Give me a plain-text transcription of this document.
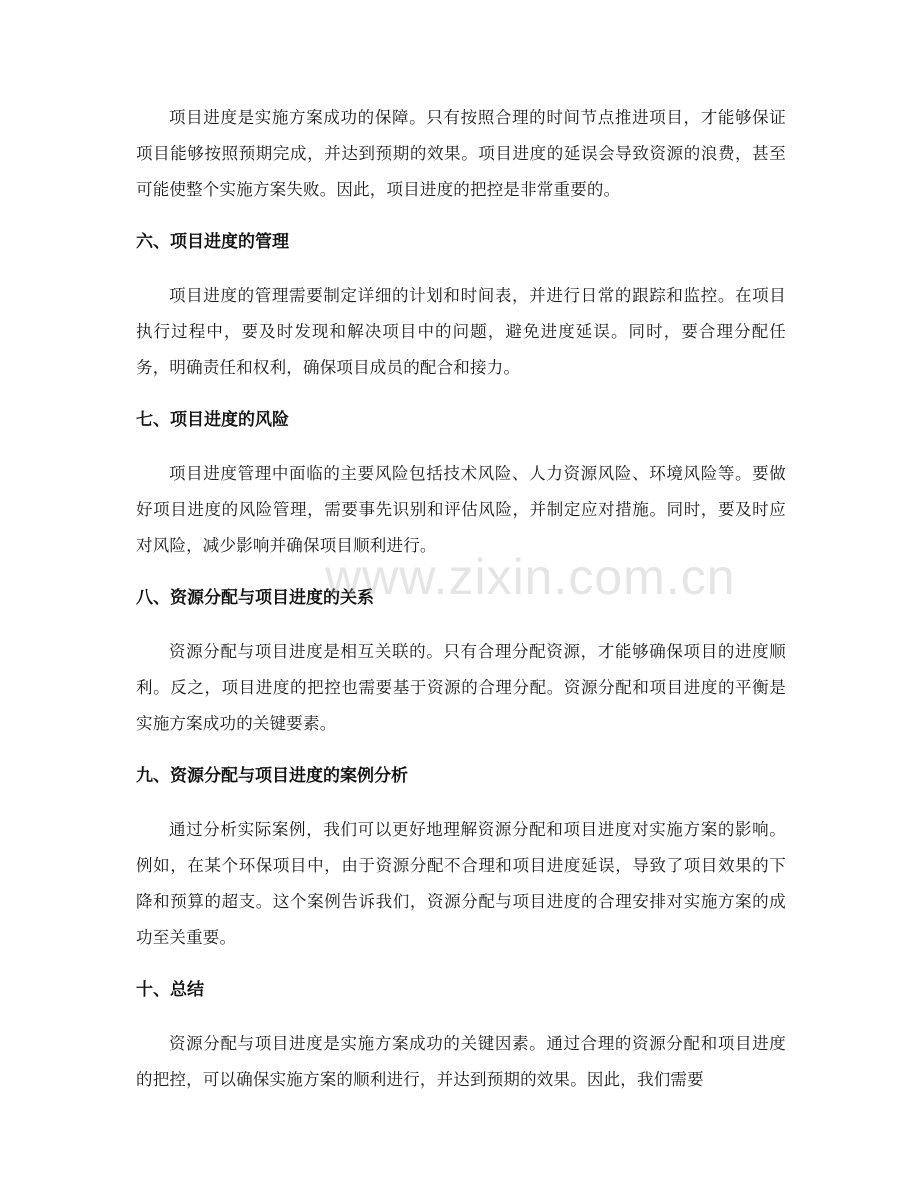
项目进度是实施方案成功的保障。只有按照合理的时间节点推进项目，才能够保证项目能够按照预期完成，并达到预期的效果。项目进度的延误会导致资源的浪费，甚至可能使整个实施方案失败。因此，项目进度的把控是非常重要的。

六、项目进度的管理

项目进度的管理需要制定详细的计划和时间表，并进行日常的跟踪和监控。在项目执行过程中，要及时发现和解决项目中的问题，避免进度延误。同时，要合理分配任务，明确责任和权利，确保项目成员的配合和接力。

七、项目进度的风险

项目进度管理中面临的主要风险包括技术风险、人力资源风险、环境风险等。要做好项目进度的风险管理，需要事先识别和评估风险，并制定应对措施。同时，要及时应对风险，减少影响并确保项目顺利进行。

八、资源分配与项目进度的关系

资源分配与项目进度是相互关联的。只有合理分配资源，才能够确保项目的进度顺利。反之，项目进度的把控也需要基于资源的合理分配。资源分配和项目进度的平衡是实施方案成功的关键要素。

九、资源分配与项目进度的案例分析

通过分析实际案例，我们可以更好地理解资源分配和项目进度对实施方案的影响。例如，在某个环保项目中，由于资源分配不合理和项目进度延误，导致了项目效果的下降和预算的超支。这个案例告诉我们，资源分配与项目进度的合理安排对实施方案的成功至关重要。

十、总结

资源分配与项目进度是实施方案成功的关键因素。通过合理的资源分配和项目进度的把控，可以确保实施方案的顺利进行，并达到预期的效果。因此，我们需要

www.zixin.com.cn
